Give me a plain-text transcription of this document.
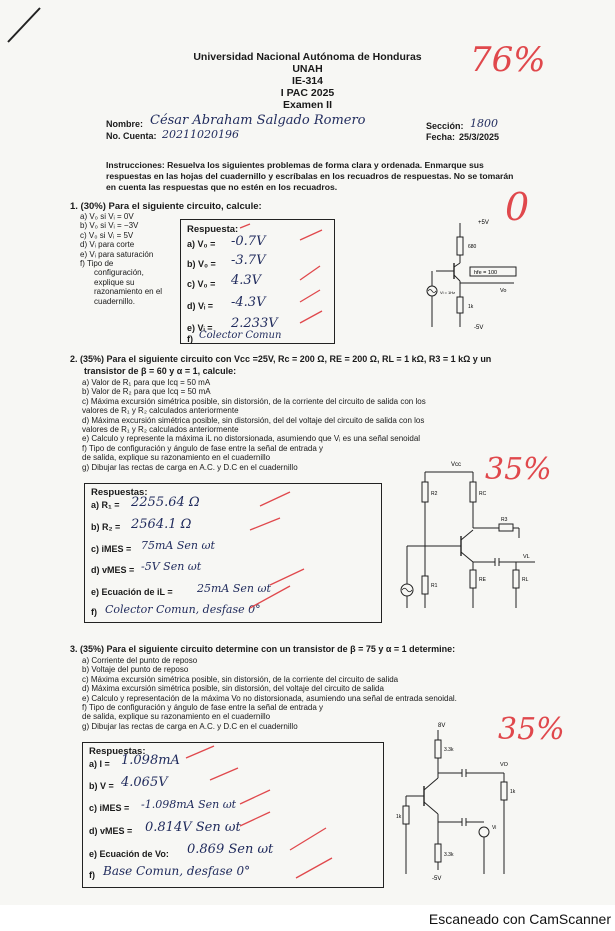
Universidad Nacional Autónoma de Honduras
UNAH
IE-314
I PAC 2025
Examen II
76%
Nombre: César Abraham Salgado Romero
No. Cuenta: 20211020196
Sección: 1800
Fecha: 25/3/2025
Instrucciones: Resuelva los siguientes problemas de forma clara y ordenada. Enmarque sus respuestas en las hojas del cuadernillo y escríbalas en los recuadros de respuestas. No se tomarán en cuenta las respuestas que no estén en los recuadros.
1. (30%) Para el siguiente circuito, calcule:	0
a) V₀ si Vᵢ = 0V
b) V₀ si Vᵢ = −3V
c) V₀ si Vᵢ = 5V
d) Vᵢ para corte
e) Vᵢ para saturación
f) Tipo de
configuración,
explique su
razonamiento en el
cuadernillo.
Respuesta:
a) V₀ = -0.7V
b) V₀ = -3.7V
c) V₀ = 4.3V
d) Vᵢ = -4.3V
e) Vᵢ = 2.233V
f) Colector Comun
+5V
680
hfe = 100
Vo
Vi = 1Hz
1k
-5V
2. (35%) Para el siguiente circuito con Vcc =25V, Rc = 200 Ω, RE = 200 Ω, RL = 1 kΩ, R3 = 1 kΩ y un
transistor de β = 60 y α = 1, calcule:
35%
a) Valor de R₁ para que Icq = 50 mA
b) Valor de R₂ para que Icq = 50 mA
c) Máxima excursión simétrica posible, sin distorsión, de la corriente del circuito de salida con los
valores de R₁ y R₂ calculados anteriormente
d) Máxima excursión simétrica posible, sin distorsión, del del voltaje del circuito de salida con los
valores de R₁ y R₂ calculados anteriormente
e) Calculo y represente la máxima iL no distorsionada, asumiendo que Vᵢ es una señal senoidal
f) Tipo de configuración y ángulo de fase entre la señal de entrada y
de salida, explique su razonamiento en el cuadernillo
g) Dibujar las rectas de carga en A.C. y D.C en el cuadernillo
Respuestas:
a) R₁ = 2255.64 Ω
b) R₂ = 2564.1 Ω
c) iMES = 75mA Sen ωt
d) vMES = -5V Sen ωt
e) Ecuación de iL = 25mA Sen ωt
f) Colector Comun, desfase 0°
Vcc
R2	RC
R3
VL
R1
RE	RL
3. (35%) Para el siguiente circuito determine con un transistor de β = 75 y α = 1 determine:
35%
a) Corriente del punto de reposo
b) Voltaje del punto de reposo
c) Máxima excursión simétrica posible, sin distorsión, de la corriente del circuito de salida
d) Máxima excursión simétrica posible, sin distorsión, del voltaje del circuito de salida
e) Calculo y representación de la máxima Vo no distorsionada, asumiendo una señal de entrada senoidal.
f) Tipo de configuración y ángulo de fase entre la señal de entrada y
de salida, explique su razonamiento en el cuadernillo
g) Dibujar las rectas de carga en A.C. y D.C en el cuadernillo
Respuestas:
a) I = 1.098mA
b) V = 4.065V
c) iMES = -1.098mA Sen ωt
d) vMES = 0.814V Sen ωt
e) Ecuación de Vo: 0.869 Sen ωt
f) Base Comun, desfase 0°
8V
3.3k
VO
1k
1k
Vi
3.3k
-5V
Escaneado con CamScanner
